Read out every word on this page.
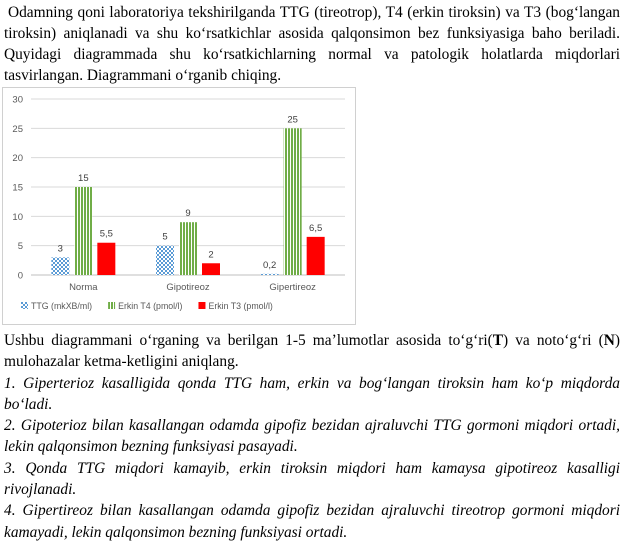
Odamning qoni laboratoriya tekshirilganda TTG (tireotrop), T4 (erkin tiroksin) va T3 (bog‘langan tiroksin) aniqlanadi va shu ko‘rsatkichlar asosida qalqonsimon bez funksiyasiga baho beriladi. Quyidagi diagrammada shu ko‘rsatkichlarning normal va patologik holatlarda miqdorlari tasvirlangan. Diagrammani o‘rganib chiqing.

0
5
10
15
20
25
30
3
15
5,5	5
9
2
0,2
25
6,5
Norma	Gipotireoz	Gipertireoz
TTG (mkXB/ml)	Erkin T4 (pmol/l)	Erkin T3 (pmol/l)

Ushbu diagrammani o‘rganing va berilgan 1-5 ma’lumotlar asosida to‘g‘ri(T) va noto‘g‘ri (N) mulohazalar ketma-ketligini aniqlang.

1. Giperterioz kasalligida qonda TTG ham, erkin va bog‘langan tiroksin ham ko‘p miqdorda bo‘ladi.

2. Gipoterioz bilan kasallangan odamda gipofiz bezidan ajraluvchi TTG gormoni miqdori ortadi, lekin qalqonsimon bezning funksiyasi pasayadi.

3. Qonda TTG miqdori kamayib, erkin tiroksin miqdori ham kamaysa gipotireoz kasalligi rivojlanadi.

4. Gipertireoz bilan kasallangan odamda gipofiz bezidan ajraluvchi tireotrop gormoni miqdori kamayadi, lekin qalqonsimon bezning funksiyasi ortadi.
